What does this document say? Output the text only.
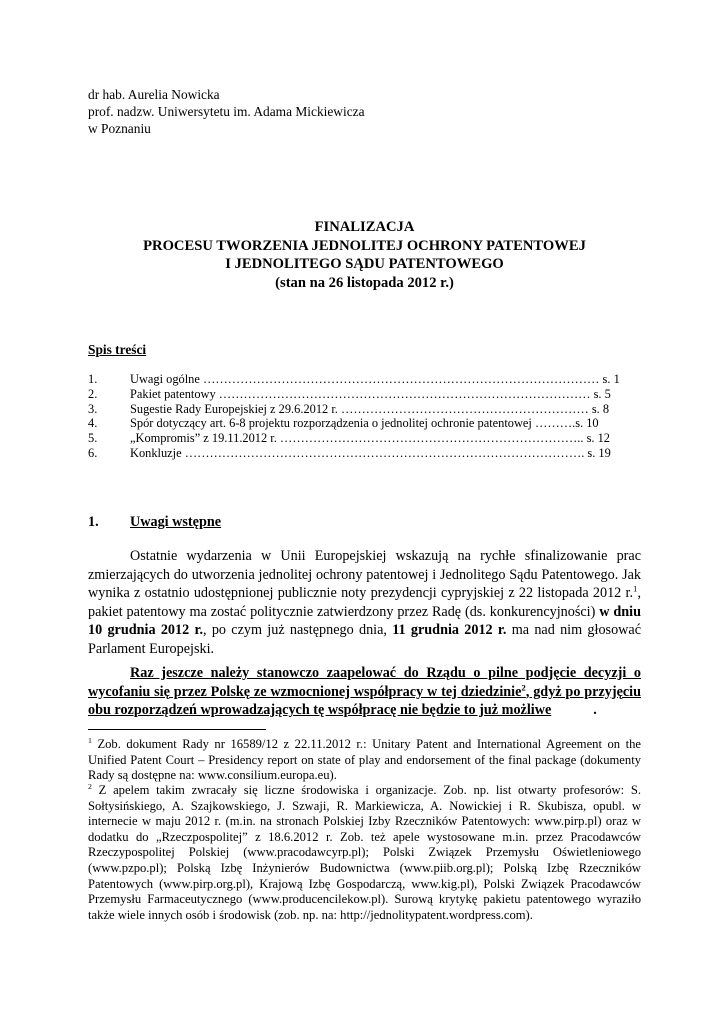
dr hab. Aurelia Nowicka
prof. nadzw. Uniwersytetu im. Adama Mickiewicza
w Poznaniu
FINALIZACJA
PROCESU TWORZENIA JEDNOLITEJ OCHRONY PATENTOWEJ
I JEDNOLITEGO SĄDU PATENTOWEGO
(stan na 26 listopada 2012 r.)
Spis treści
1.	Uwagi ogólne …………………………………………………………………………………… s. 1
2.	Pakiet patentowy ……………………………………………………………………………… s. 5
3.	Sugestie Rady Europejskiej z 29.6.2012 r. …………………………………………………… s. 8
4.	Spór dotyczący art. 6-8 projektu rozporządzenia o jednolitej ochronie patentowej ……….s. 10
5.	„Kompromis” z 19.11.2012 r. ……………………………………………………………….. s. 12
6.	Konkluzje ……………………………………………………………………………………. s. 19
1.	Uwagi wstępne

Ostatnie wydarzenia w Unii Europejskiej wskazują na rychłe sfinalizowanie prac zmierzających do utworzenia jednolitej ochrony patentowej i Jednolitego Sądu Patentowego. Jak wynika z ostatnio udostępnionej publicznie noty prezydencji cypryjskiej z 22 listopada 2012 r.$^1$, pakiet patentowy ma zostać politycznie zatwierdzony przez Radę (ds. konkurencyjności) w dniu 10 grudnia 2012 r., po czym już następnego dnia, 11 grudnia 2012 r. ma nad nim głosować Parlament Europejski.

Raz jeszcze należy stanowczo zaapelować do Rządu o pilne podjęcie decyzji o wycofaniu się przez Polskę ze wzmocnionej współpracy w tej dziedzinie$^2$, gdyż po przyjęciu obu rozporządzeń wprowadzających tę współpracę nie będzie to już możliwe	.

$^1$ Zob. dokument Rady nr 16589/12 z 22.11.2012 r.: Unitary Patent and International Agreement on the Unified Patent Court – Presidency report on state of play and endorsement of the final package (dokumenty Rady są dostępne na: www.consilium.europa.eu).

$^2$ Z apelem takim zwracały się liczne środowiska i organizacje. Zob. np. list otwarty profesorów: S. Sołtysińskiego, A. Szajkowskiego, J. Szwaji, R. Markiewicza, A. Nowickiej i R. Skubisza, opubl. w internecie w maju 2012 r. (m.in. na stronach Polskiej Izby Rzeczników Patentowych: www.pirp.pl) oraz w dodatku do „Rzeczpospolitej” z 18.6.2012 r. Zob. też apele wystosowane m.in. przez Pracodawców Rzeczypospolitej Polskiej (www.pracodawcyrp.pl); Polski Związek Przemysłu Oświetleniowego (www.pzpo.pl); Polską Izbę Inżynierów Budownictwa (www.piib.org.pl); Polską Izbę Rzeczników Patentowych (www.pirp.org.pl), Krajową Izbę Gospodarczą, www.kig.pl), Polski Związek Pracodawców Przemysłu Farmaceutycznego (www.producencilekow.pl). Surową krytykę pakietu patentowego wyraziło także wiele innych osób i środowisk (zob. np. na: http://jednolitypatent.wordpress.com).
